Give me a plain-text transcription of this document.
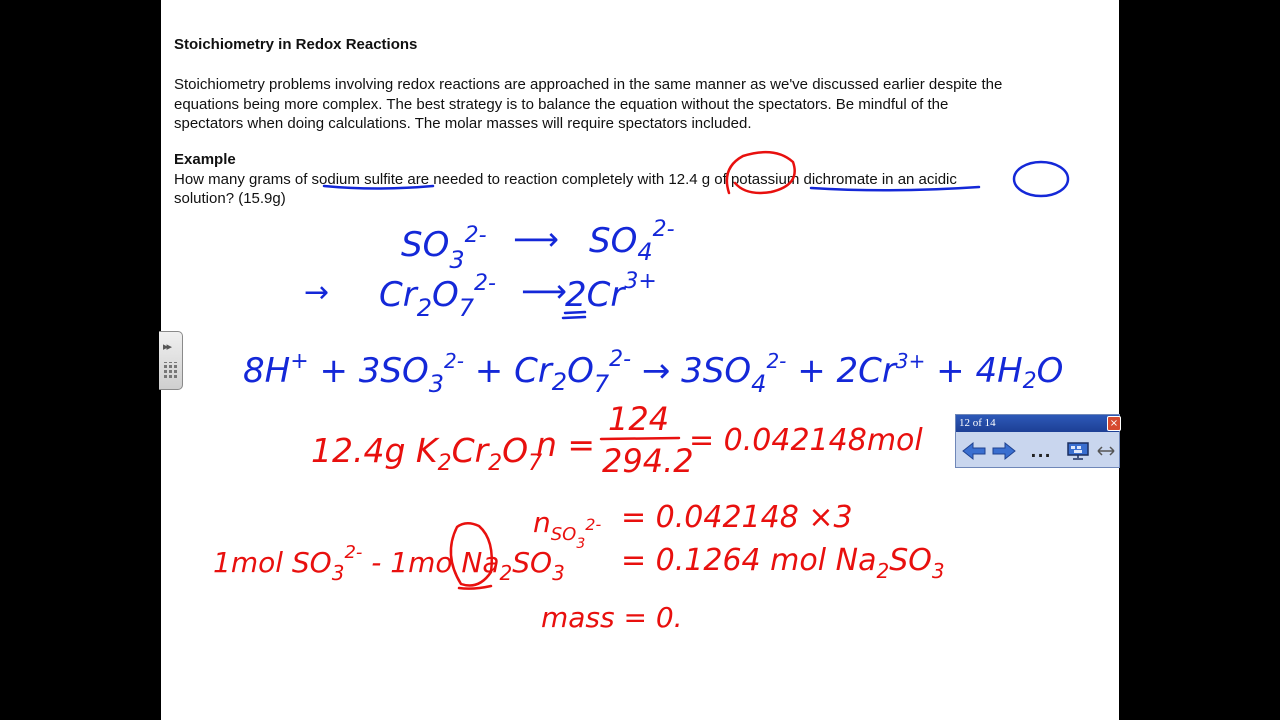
Stoichiometry in Redox Reactions
Stoichiometry problems involving redox reactions are approached in the same manner as we've discussed earlier despite the
equations being more complex. The best strategy is to balance the equation without the spectators. Be mindful of the
spectators when doing calculations. The molar masses will require spectators included.
Example
How many grams of sodium sulfite are needed to reaction completely with 12.4 g of potassium dichromate in an acidic
solution? (15.9g)
$SO_3^{2-}$ ⟶ $SO_4^{2-}$
→ $Cr_2O_7^{2-}$ ⟶
$2Cr^{3+}$
$8H^+ + 3SO_3^{2-} + Cr_2O_7^{2-} \to 3SO_4^{2-} + 2Cr^{3+} + 4H2O$
12.4g $K_2Cr_2O_7$
n =
124
294.2
= 0.042148mol
1mol $SO_3^{2-} - 1mo$ $Na_2SO_3$
$n_{SO3}^{2-} = 0.042148 \times 3$
= 0.1264 mol $Na_2SO_3$
mass = 0.
▸▸
12 of 14	×
...
